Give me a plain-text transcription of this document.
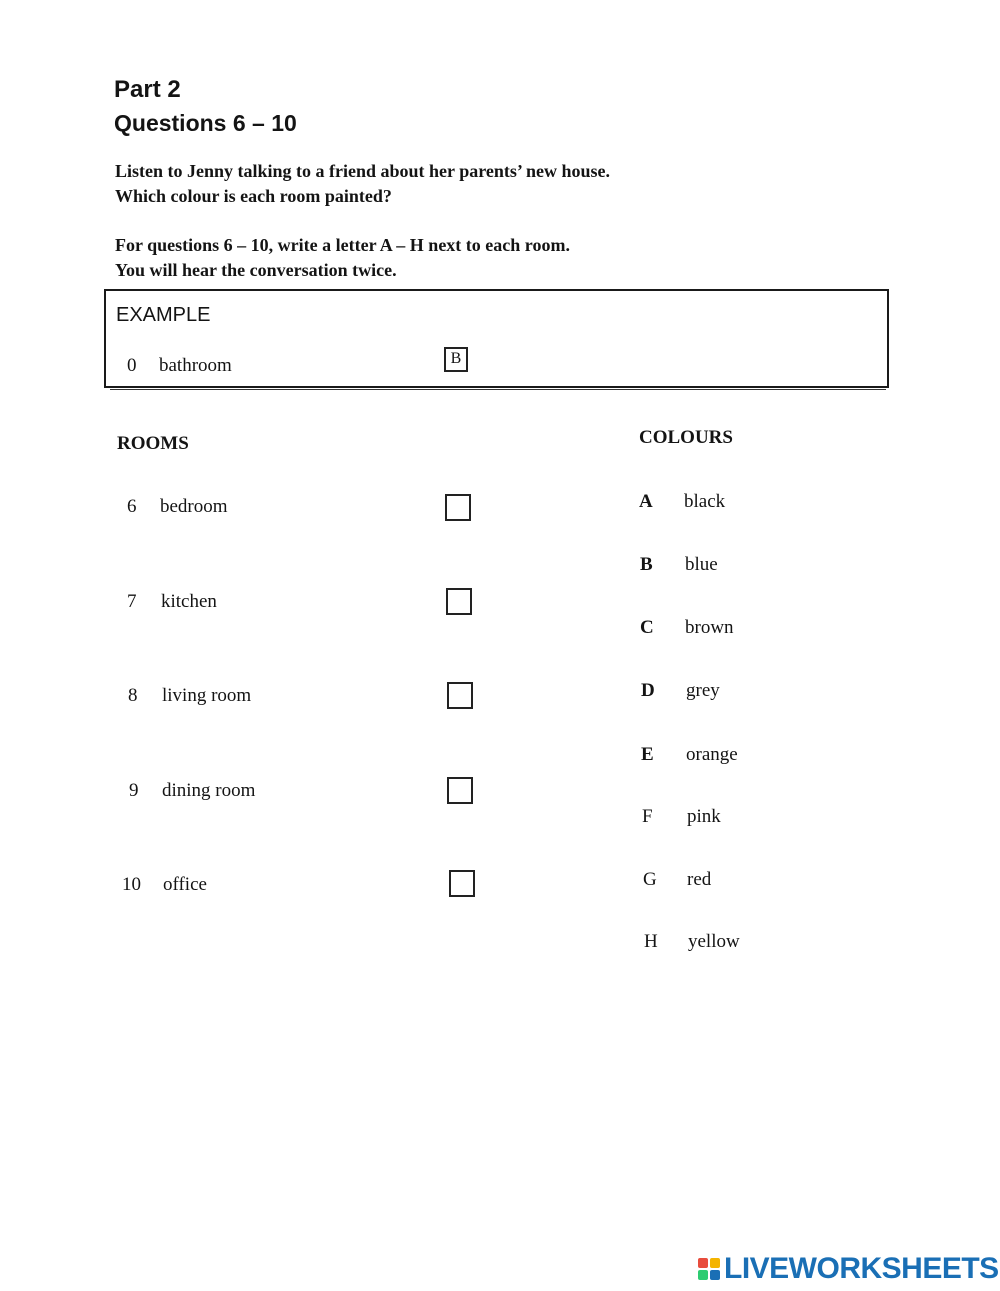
Part 2
Questions 6 – 10
Listen to Jenny talking to a friend about her parents’ new house.
Which colour is each room painted?
For questions 6 – 10, write a letter A – H next to each room.
You will hear the conversation twice.
EXAMPLE
0 bathroom	B
ROOMS
6 bedroom
7 kitchen
8 living room
9 dining room
10 office
COLOURS
A black
B blue
C brown
D grey
E orange
F pink
G red
H yellow
LIVEWORKSHEETS
